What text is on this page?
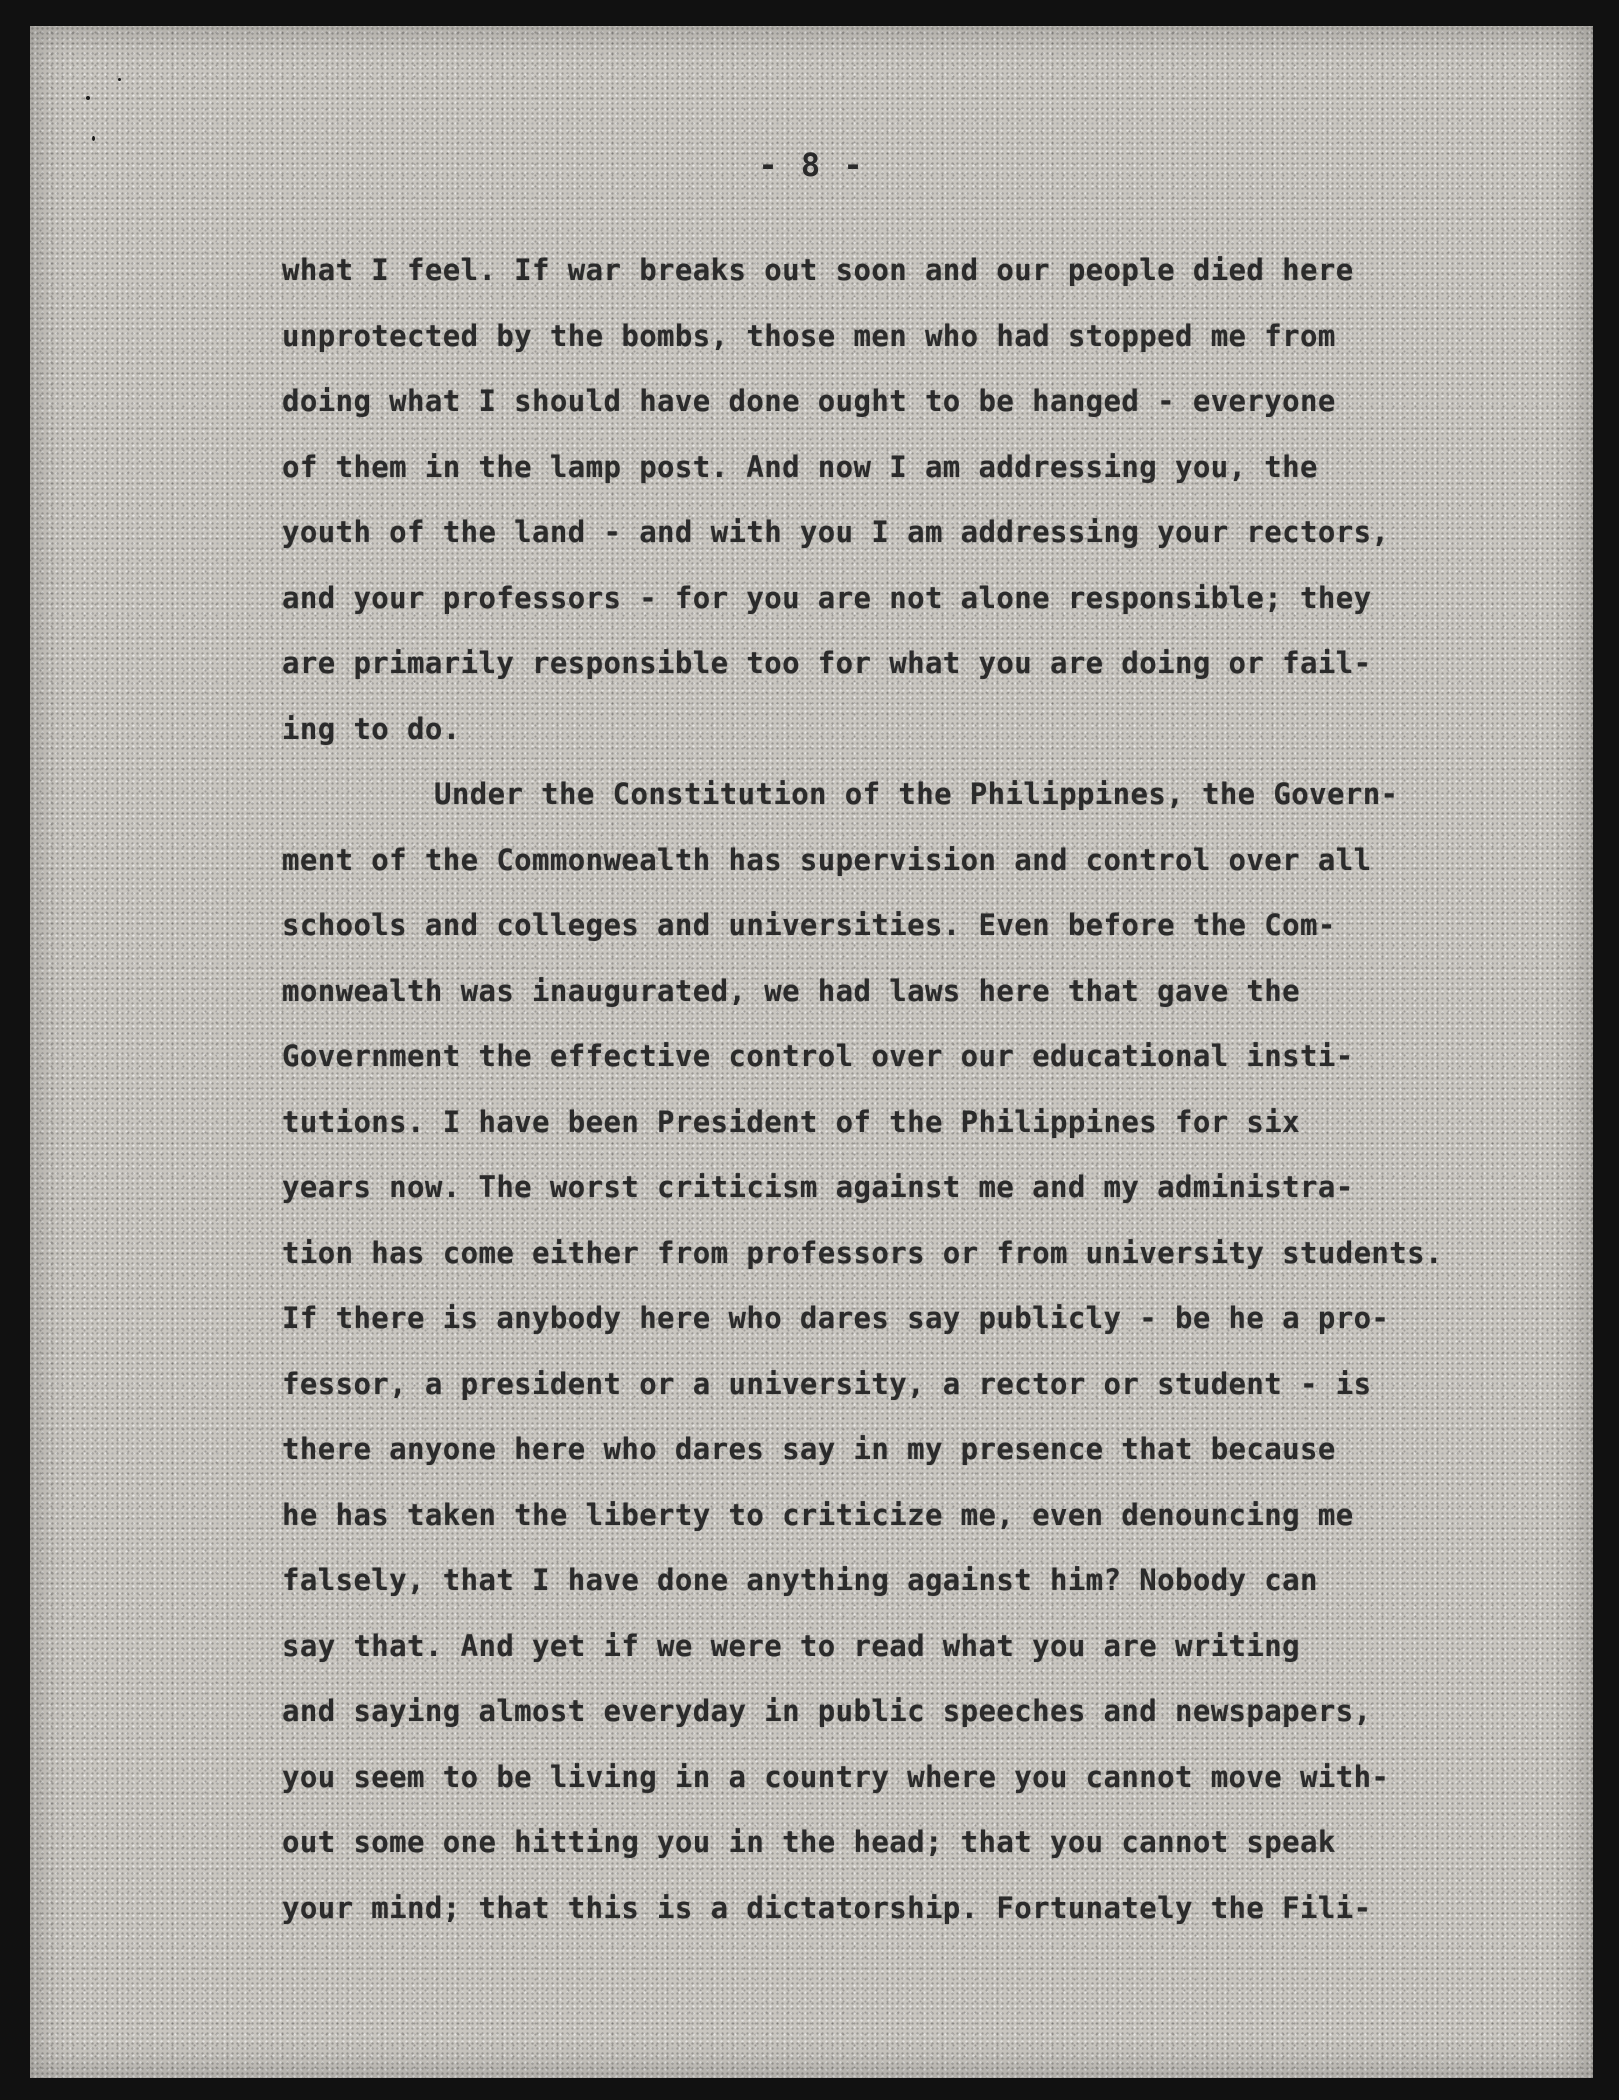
- 8 -
what I feel. If war breaks out soon and our people died here
unprotected by the bombs, those men who had stopped me from
doing what I should have done ought to be hanged - everyone
of them in the lamp post. And now I am addressing you, the
youth of the land - and with you I am addressing your rectors,
and your professors - for you are not alone responsible; they
are primarily responsible too for what you are doing or fail-
ing to do.
Under the Constitution of the Philippines, the Govern-
ment of the Commonwealth has supervision and control over all
schools and colleges and universities. Even before the Com-
monwealth was inaugurated, we had laws here that gave the
Government the effective control over our educational insti-
tutions. I have been President of the Philippines for six
years now. The worst criticism against me and my administra-
tion has come either from professors or from university students.
If there is anybody here who dares say publicly - be he a pro-
fessor, a president or a university, a rector or student - is
there anyone here who dares say in my presence that because
he has taken the liberty to criticize me, even denouncing me
falsely, that I have done anything against him? Nobody can
say that. And yet if we were to read what you are writing
and saying almost everyday in public speeches and newspapers,
you seem to be living in a country where you cannot move with-
out some one hitting you in the head; that you cannot speak
your mind; that this is a dictatorship. Fortunately the Fili-
